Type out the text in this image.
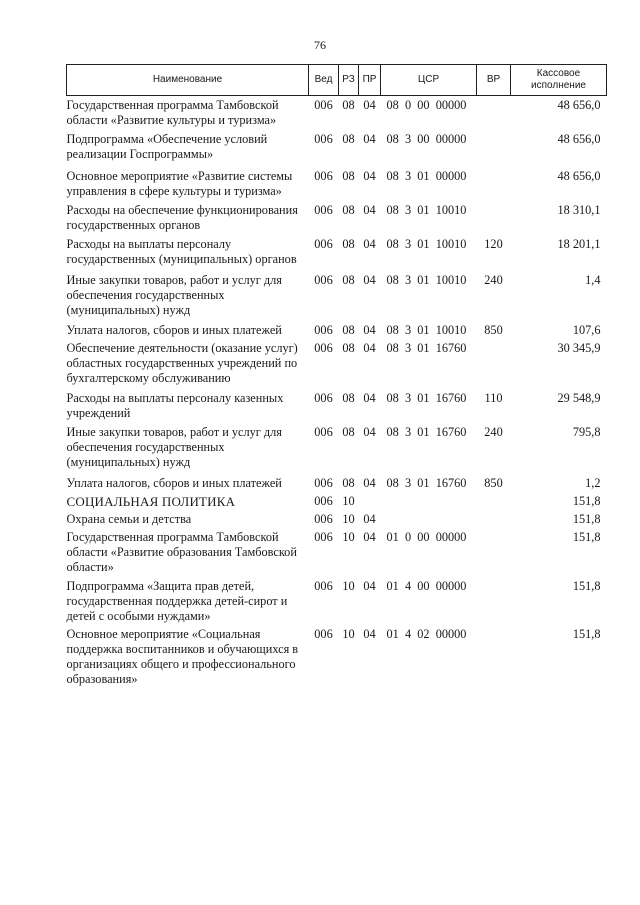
76
Наименование	Вед	РЗ	ПР	ЦСР	ВР	Кассовое исполнение
Государственная программа Тамбовской области «Развитие культуры и туризма»	006	08	04	08  0  00  00000		48 656,0
Подпрограмма «Обеспечение условий реализации Госпрограммы»	006	08	04	08  3  00  00000		48 656,0
Основное мероприятие «Развитие системы управления в сфере культуры и туризма»	006	08	04	08  3  01  00000		48 656,0
Расходы на обеспечение функционирования государственных органов	006	08	04	08  3  01  10010		18 310,1
Расходы на выплаты персоналу государственных (муниципальных) органов	006	08	04	08  3  01  10010	120	18 201,1
Иные закупки товаров, работ и услуг для обеспечения государственных (муниципальных) нужд	006	08	04	08  3  01  10010	240	1,4
Уплата налогов, сборов и иных платежей	006	08	04	08  3  01  10010	850	107,6
Обеспечение деятельности (оказание услуг) областных государственных учреждений по бухгалтерскому обслуживанию	006	08	04	08  3  01  16760		30 345,9
Расходы на выплаты персоналу казенных учреждений	006	08	04	08  3  01  16760	110	29 548,9
Иные закупки товаров, работ и услуг для обеспечения государственных (муниципальных) нужд	006	08	04	08  3  01  16760	240	795,8
Уплата налогов, сборов и иных платежей	006	08	04	08  3  01  16760	850	1,2
СОЦИАЛЬНАЯ ПОЛИТИКА	006	10				151,8
Охрана семьи и детства	006	10	04			151,8
Государственная программа Тамбовской области «Развитие образования Тамбовской области»	006	10	04	01  0  00  00000		151,8
Подпрограмма «Защита прав детей, государственная поддержка детей-сирот и детей с особыми нуждами»	006	10	04	01  4  00  00000		151,8
Основное мероприятие «Социальная поддержка воспитанников и обучающихся в организациях общего и профессионального образования»	006	10	04	01  4  02  00000		151,8
